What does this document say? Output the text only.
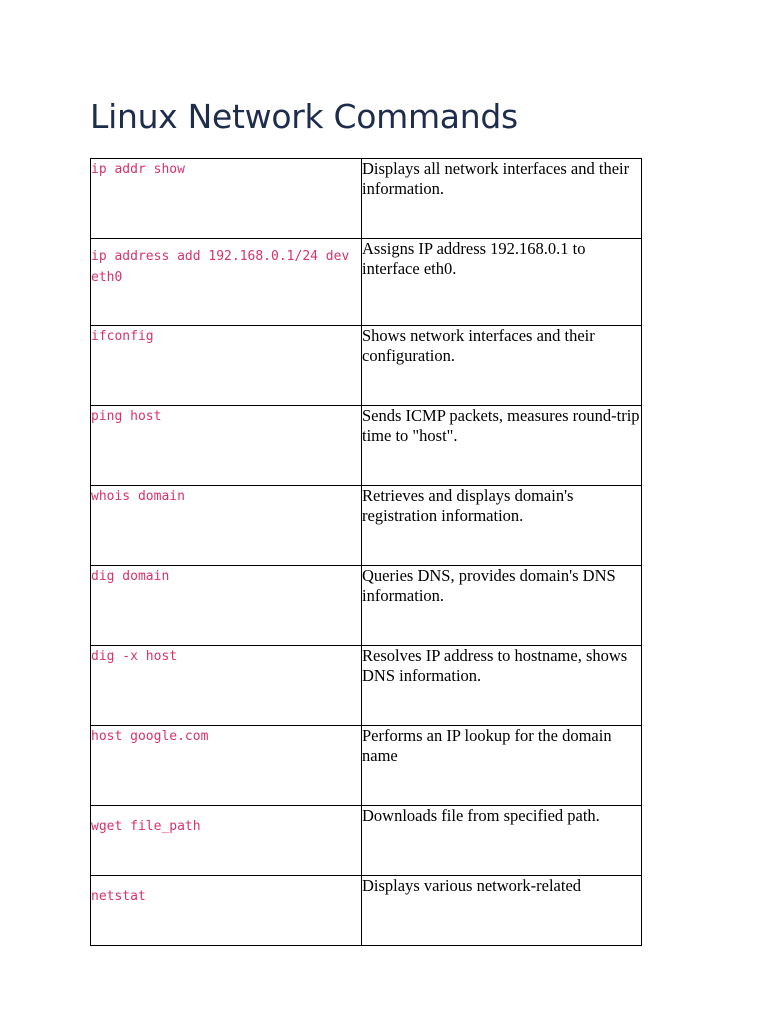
Linux Network Commands
ip addr show	Displays all network interfaces and their information.
ip address add 192.168.0.1/24 dev eth0	Assigns IP address 192.168.0.1 to interface eth0.
ifconfig	Shows network interfaces and their configuration.
ping host	Sends ICMP packets, measures round-trip time to "host".
whois domain	Retrieves and displays domain's registration information.
dig domain	Queries DNS, provides domain's DNS information.
dig -x host	Resolves IP address to hostname, shows DNS information.
host google.com	Performs an IP lookup for the domain name
wget file_path	Downloads file from specified path.
netstat	Displays various network-related
